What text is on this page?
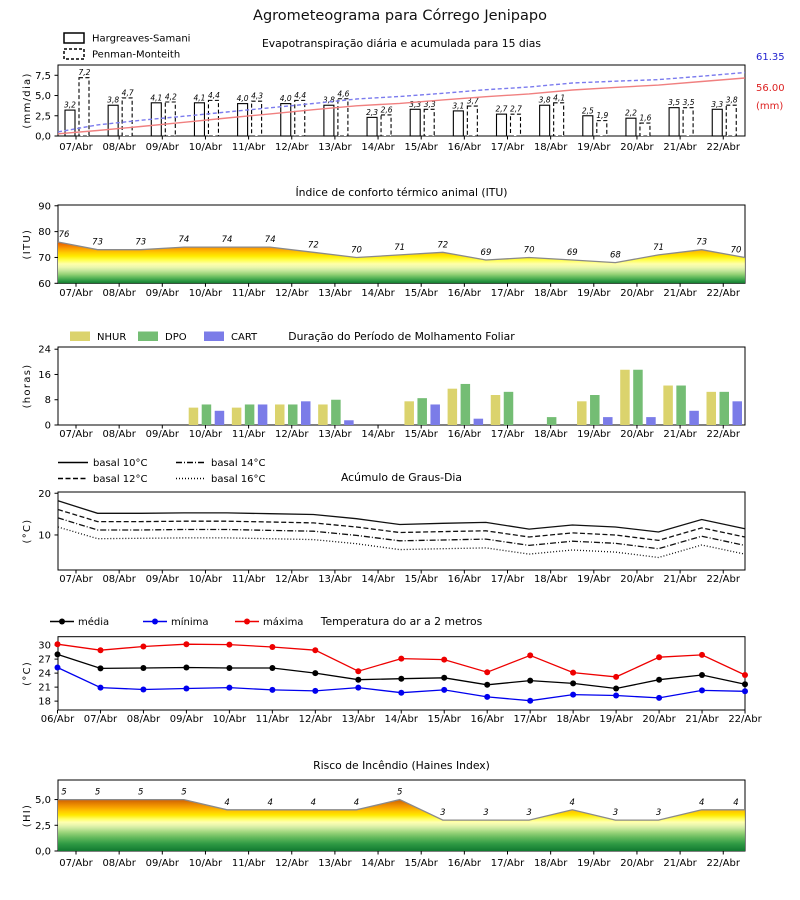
Agrometeograma para Córrego Jenipapo
Evapotranspiração diária e acumulada para 15 dias
0,0
2,5
5,0
7,5
(mm/dia)
07/Abr 08/Abr 09/Abr 10/Abr 11/Abr 12/Abr 13/Abr 14/Abr 15/Abr 16/Abr 17/Abr 18/Abr 19/Abr 20/Abr 21/Abr 22/Abr
Hargreaves-Samani
Penman-Monteith
3,2
3,8	4,1	4,1	4,0	4,0	3,8
2,3
3,3	3,1	2,7
3,8
2,5	2,2
3,5	3,3
7,2
4,7	4,2	4,4	4,3	4,4	4,6
2,6
3,3	3,7
2,7
4,1
1,9	1,6
3,5	3,8
61.35
56.00
(mm)
60
70
80
90
(ITU)	76
73	73	74	74	74
72
70	71	72
69	70	69	68
71
73
70
Índice de conforto térmico animal (ITU)
07/Abr 08/Abr 09/Abr 10/Abr 11/Abr 12/Abr 13/Abr 14/Abr 15/Abr 16/Abr 17/Abr 18/Abr 19/Abr 20/Abr 21/Abr 22/Abr
0,0
2,5
5,0
(HI)
5	5	5	5
4	4	4	4
5
3	3	3
4
3	3
4	4
Risco de Incêndio (Haines Index)
07/Abr 08/Abr 09/Abr 10/Abr 11/Abr 12/Abr 13/Abr 14/Abr 15/Abr 16/Abr 17/Abr 18/Abr 19/Abr 20/Abr 21/Abr 22/Abr
Duração do Período de Molhamento Foliar
0
8
16
24
(horas)
07/Abr 08/Abr 09/Abr 10/Abr 11/Abr 12/Abr 13/Abr 14/Abr 15/Abr 16/Abr 17/Abr 18/Abr 19/Abr 20/Abr 21/Abr 22/Abr
NHUR	DPO	CART
Acúmulo de Graus-Dia
10
20
(°C)
07/Abr 08/Abr 09/Abr 10/Abr 11/Abr 12/Abr 13/Abr 14/Abr 15/Abr 16/Abr 17/Abr 18/Abr 19/Abr 20/Abr 21/Abr 22/Abr
basal 10°C
basal 12°C
basal 14°C
basal 16°C
Temperatura do ar a 2 metros
18
21
24
27
30
(°C)
06/Abr 07/Abr 08/Abr 09/Abr 10/Abr 11/Abr 12/Abr 13/Abr 14/Abr 15/Abr 16/Abr 17/Abr 18/Abr 19/Abr 20/Abr 21/Abr 22/Abr
média	mínima	máxima
